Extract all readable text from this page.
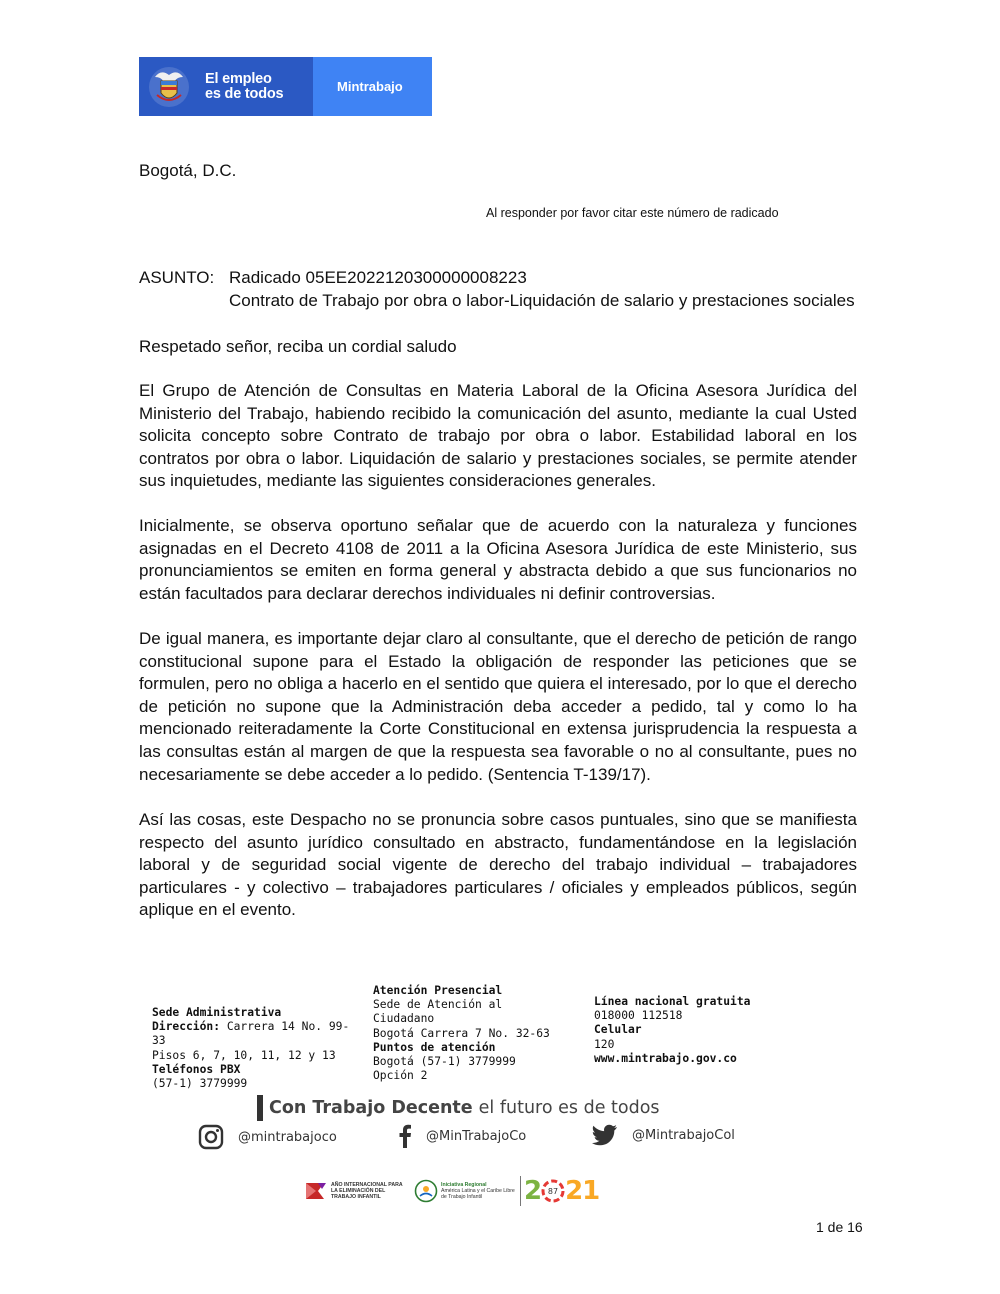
El empleo
es de todos	Mintrabajo
Bogotá, D.C.
Al responder por favor citar este número de radicado
ASUNTO: Radicado 05EE2022120300000008223
Contrato de Trabajo por obra o labor-Liquidación de salario y prestaciones sociales
Respetado señor, reciba un cordial saludo
El Grupo de Atención de Consultas en Materia Laboral de la Oficina Asesora Jurídica del Ministerio del Trabajo, habiendo recibido la comunicación del asunto, mediante la cual Usted solicita concepto sobre Contrato de trabajo por obra o labor. Estabilidad laboral en los contratos por obra o labor. Liquidación de salario y prestaciones sociales, se permite atender sus inquietudes, mediante las siguientes consideraciones generales.
Inicialmente, se observa oportuno señalar que de acuerdo con la naturaleza y funciones asignadas en el Decreto 4108 de 2011 a la Oficina Asesora Jurídica de este Ministerio, sus pronunciamientos se emiten en forma general y abstracta debido a que sus funcionarios no están facultados para declarar derechos individuales ni definir controversias.
De igual manera, es importante dejar claro al consultante, que el derecho de petición de rango constitucional supone para el Estado la obligación de responder las peticiones que se formulen, pero no obliga a hacerlo en el sentido que quiera el interesado, por lo que el derecho de petición no supone que la Administración deba acceder a pedido, tal y como lo ha mencionado reiteradamente la Corte Constitucional en extensa jurisprudencia la respuesta a las consultas están al margen de que la respuesta sea favorable o no al consultante, pues no necesariamente se debe acceder a lo pedido. (Sentencia T-139/17).
Así las cosas, este Despacho no se pronuncia sobre casos puntuales, sino que se manifiesta respecto del asunto jurídico consultado en abstracto, fundamentándose en la legislación laboral y de seguridad social vigente de derecho del trabajo individual – trabajadores particulares - y colectivo – trabajadores particulares / oficiales y empleados públicos, según aplique en el evento.
Sede Administrativa
Dirección: Carrera 14 No. 99-33
Pisos 6, 7, 10, 11, 12 y 13
Teléfonos PBX
(57-1) 3779999
Atención Presencial
Sede de Atención al
Ciudadano
Bogotá Carrera 7 No. 32-63
Puntos de atención
Bogotá (57-1) 3779999
Opción 2
Línea nacional gratuita
018000 112518
Celular
120
www.mintrabajo.gov.co
Con Trabajo Decente el futuro es de todos
@mintrabajoco	@MinTrabajoCo	@MintrabajoCol
AÑO INTERNACIONAL PARA LA ELIMINACIÓN DEL TRABAJO INFANTIL
Iniciativa Regional
América Latina y el Caribe Libre de Trabajo Infantil	2 87 21
1 de 16
